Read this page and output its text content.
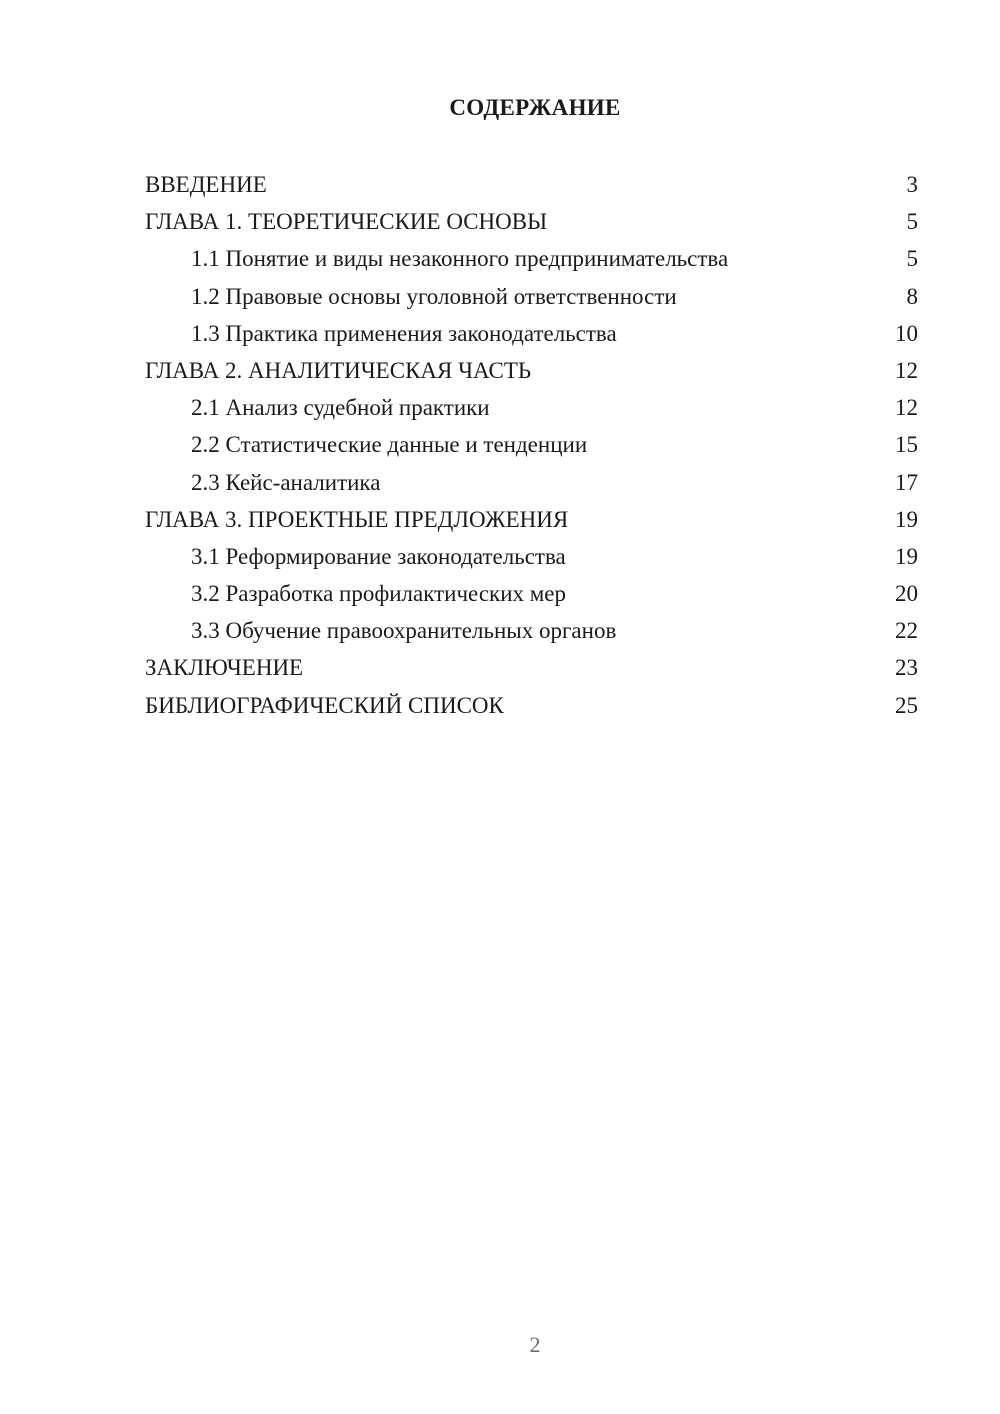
СОДЕРЖАНИЕ
ВВЕДЕНИЕ	3
ГЛАВА 1. ТЕОРЕТИЧЕСКИЕ ОСНОВЫ	5
1.1 Понятие и виды незаконного предпринимательства	5
1.2 Правовые основы уголовной ответственности	8
1.3 Практика применения законодательства	10
ГЛАВА 2. АНАЛИТИЧЕСКАЯ ЧАСТЬ	12
2.1 Анализ судебной практики	12
2.2 Статистические данные и тенденции	15
2.3 Кейс-аналитика	17
ГЛАВА 3. ПРОЕКТНЫЕ ПРЕДЛОЖЕНИЯ	19
3.1 Реформирование законодательства	19
3.2 Разработка профилактических мер	20
3.3 Обучение правоохранительных органов	22
ЗАКЛЮЧЕНИЕ	23
БИБЛИОГРАФИЧЕСКИЙ СПИСОК	25
2
